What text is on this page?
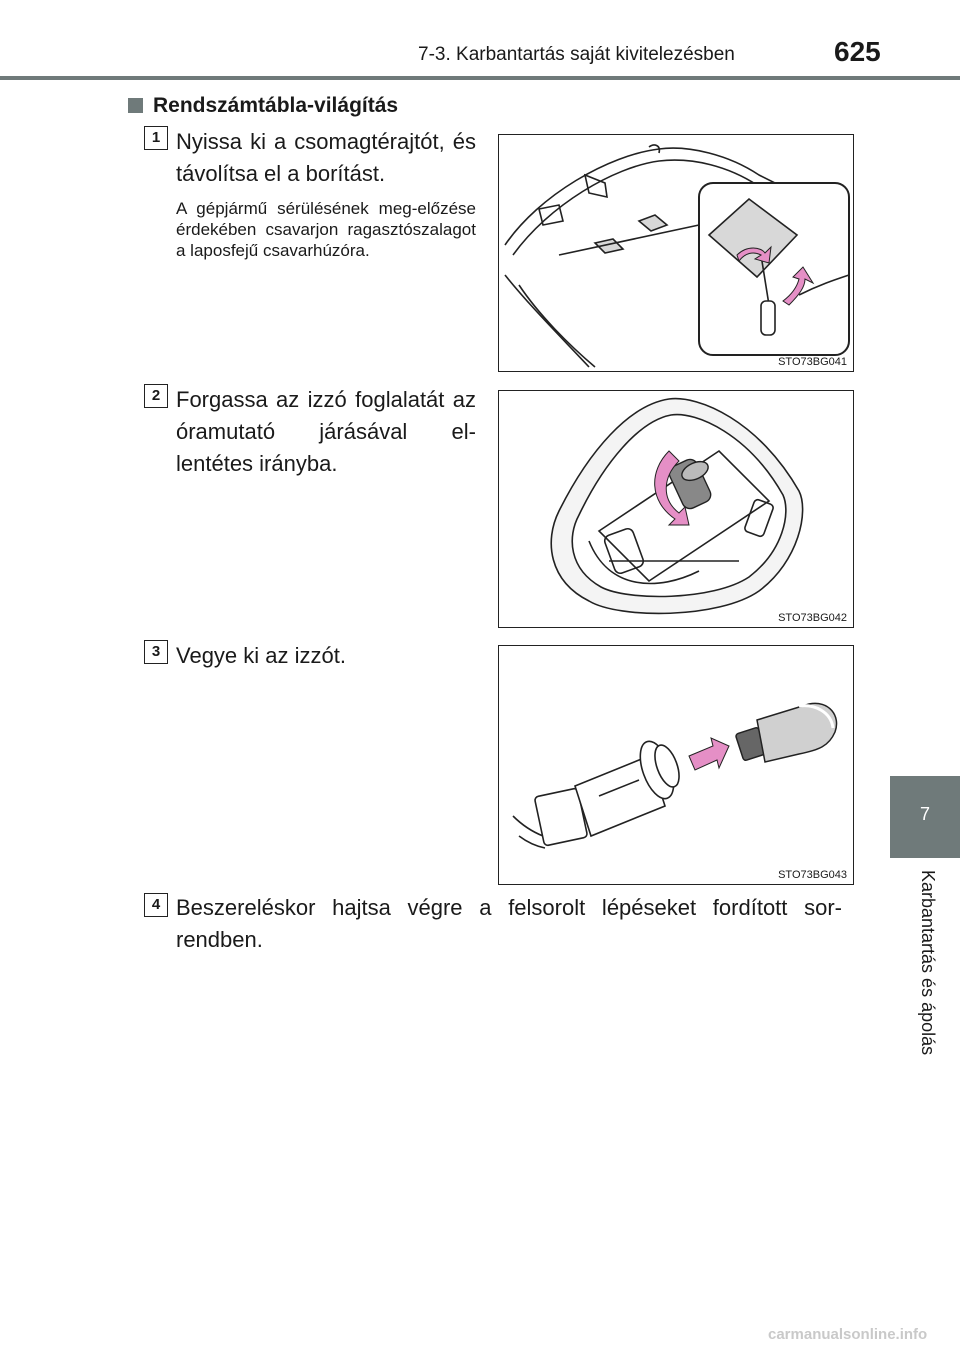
7-3. Karbantartás saját kivitelezésben	625
7
Karbantartás és ápolás
Rendszámtábla-világítás
1 Nyissa ki a csomagtérajtót, és távolítsa el a borítást.
A gépjármű sérülésének meg-előzése érdekében csavarjon ragasztószalagot a laposfejű csavarhúzóra.
STO73BG041
2 Forgassa az izzó foglalatát az óramutató járásával el-lentétes irányba.
STO73BG042
3 Vegye ki az izzót.
STO73BG043
4 Beszereléskor hajtsa végre a felsorolt lépéseket fordított sor-rendben.
carmanualsonline.info
